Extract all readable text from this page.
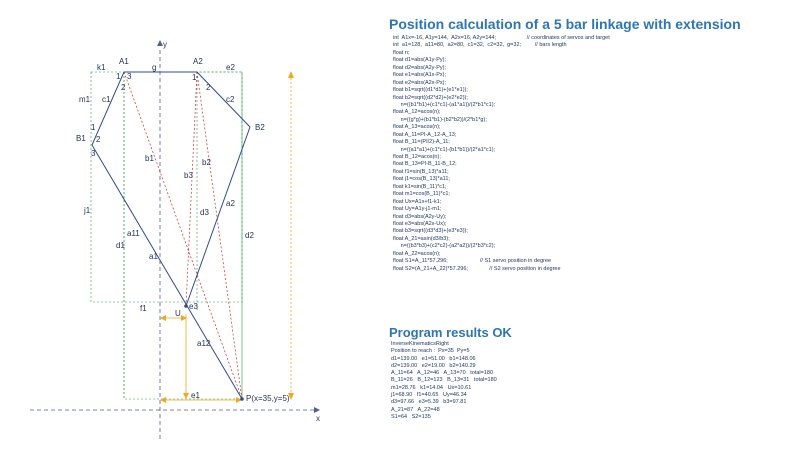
y
x
A1	A2
k1	g	e2
m1 c1	c2
B1
B2
b1	b2
b3
a2
d3
j1
a11	d2
d1
a1
f1
U
e3
a12
e1	P(x=35,y=5)
1 3
2
1
2
1
2
3
Position calculation of a 5 bar linkage with extension
int  A1x=-16, A1y=144,  A2x=16, A2y=144;                    // coordinates of servos and target
int  a1=128,  a11=80,  a2=80,  c1=32,  c2=32,  g=32;         // bars length
float n;
float d1=abs(A1y-Py);
float d2=abs(A2y-Py);
float e1=abs(A1x-Px);
float e2=abs(A2x-Px);
float b1=sqrt((d1*d1)+(e1*e1));
float b2=sqrt((d2*d2)+(e2*e2));
n=((b1*b1)+(c1*c1)-(a1*a1))/(2*b1*c1);
float A_12=acos(n);
n=((g*g)+(b1*b1)-(b2*b2))/(2*b1*g);
float A_13=acos(n);
float A_11=PI-A_12-A_13;
float B_11=(PI/2)-A_11;
n=((a1*a1)+(c1*c1)-(b1*b1))/(2*a1*c1);
float B_12=acos(n);
float B_13=PI-B_11-B_12;
float f1=sin(B_13)*a11;
float j1=cos(B_13)*a11;
float k1=sin(B_11)*c1;
float m1=cos(B_11)*c1;
float Ux=A1x+f1-k1;
float Uy=A1y-j1-m1;
float d3=abs(A2y-Uy);
float e3=abs(A2x-Ux);
float b3=sqrt((d3*d3)+(e3*e3));
float A_21=asin(d3/b3);
n=((b3*b3)+(c2*c2)-(a2*a2))/(2*b3*c2);
float A_22=acos(n);
float S1=A_11*57.296;                     // S1 servo position in degree
float S2=(A_21+A_22)*57.296;              // S2 servo position in degree
Program results OK
InverseKinematicsRight
Position to reach :  Px=35  Py=5
d1=139.00   e1=51.00   b1=148.06
d2=139.00   e2=19.00   b2=140.29
A_11=64   A_12=46   A_13=70   total=180
B_11=26   B_12=123   B_13=31   total=180
m1=28.76   k1=14.04   Ux=10.61
j1=68.90   f1=40.65   Uy=46.34
d3=97.66   e3=5.39   b3=97.81
A_21=87   A_22=48
S1=64   S2=135
